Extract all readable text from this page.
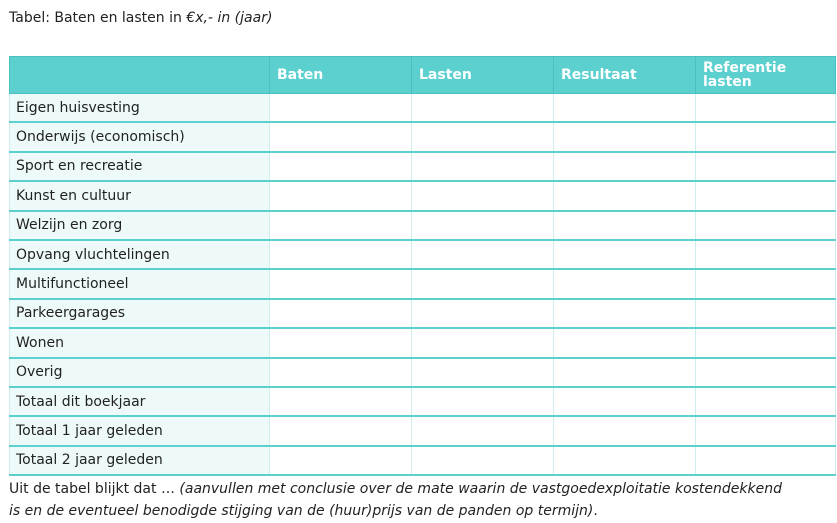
Tabel: Baten en lasten in €x,- in (jaar)
	Baten	Lasten	Resultaat	Referentie lasten
Eigen huisvesting				
Onderwijs (economisch)				
Sport en recreatie				
Kunst en cultuur				
Welzijn en zorg				
Opvang vluchtelingen				
Multifunctioneel				
Parkeergarages				
Wonen				
Overig				
Totaal dit boekjaar				
Totaal 1 jaar geleden				
Totaal 2 jaar geleden				
Uit de tabel blijkt dat … (aanvullen met conclusie over de mate waarin de vastgoedexploitatie kostendekkend
is en de eventueel benodigde stijging van de (huur)prijs van de panden op termijn).
